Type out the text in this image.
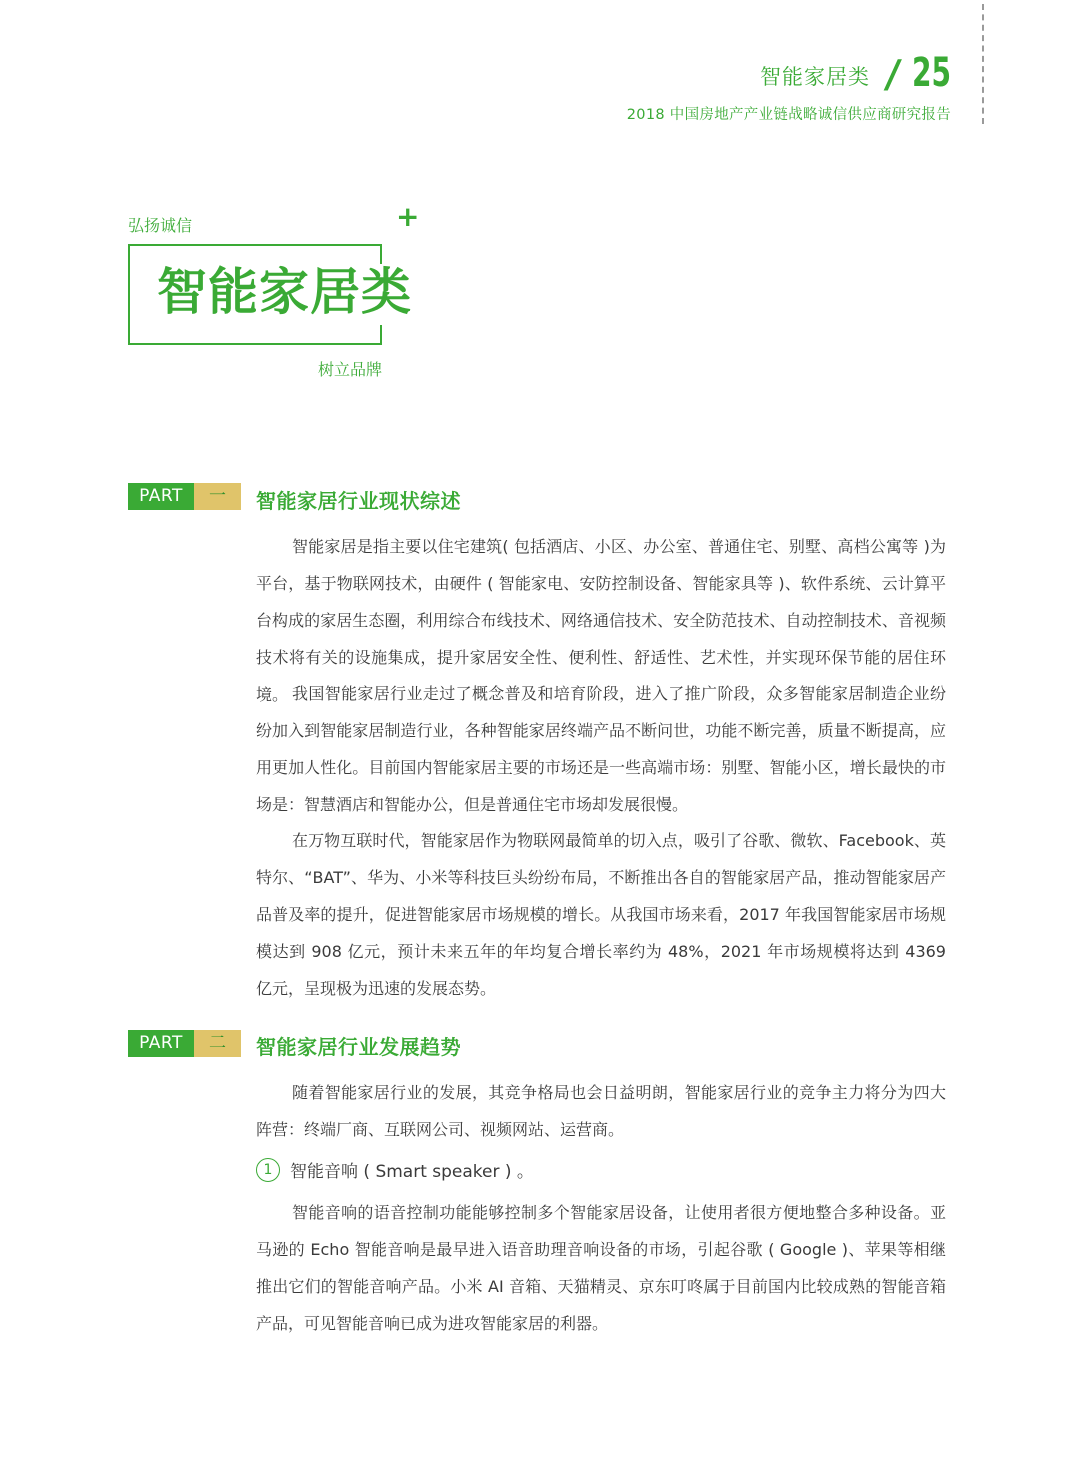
智能家居类 / 25
2018 中国房地产产业链战略诚信供应商研究报告
弘扬诚信	+
智能家居类
树立品牌
PART	一	智能家居行业现状综述

智能家居是指主要以住宅建筑( 包括酒店、小区、办公室、普通住宅、别墅、高档公寓等 )为平台，基于物联网技术，由硬件 ( 智能家电、安防控制设备、智能家具等 )、软件系统、云计算平台构成的家居生态圈，利用综合布线技术、网络通信技术、安全防范技术、自动控制技术、音视频技术将有关的设施集成，提升家居安全性、便利性、舒适性、艺术性，并实现环保节能的居住环境。 我国智能家居行业走过了概念普及和培育阶段，进入了推广阶段，众多智能家居制造企业纷纷加入到智能家居制造行业，各种智能家居终端产品不断问世，功能不断完善，质量不断提高，应用更加人性化。目前国内智能家居主要的市场还是一些高端市场：别墅、智能小区，增长最快的市场是：智慧酒店和智能办公，但是普通住宅市场却发展很慢。

在万物互联时代，智能家居作为物联网最简单的切入点，吸引了谷歌、微软、Facebook、英特尔、“BAT”、华为、小米等科技巨头纷纷布局，不断推出各自的智能家居产品，推动智能家居产品普及率的提升，促进智能家居市场规模的增长。从我国市场来看，2017 年我国智能家居市场规模达到 908 亿元，预计未来五年的年均复合增长率约为 48%，2021 年市场规模将达到 4369 亿元，呈现极为迅速的发展态势。

PART	二	智能家居行业发展趋势

随着智能家居行业的发展，其竞争格局也会日益明朗，智能家居行业的竞争主力将分为四大阵营：终端厂商、互联网公司、视频网站、运营商。

1	智能音响 ( Smart speaker ) 。

智能音响的语音控制功能能够控制多个智能家居设备，让使用者很方便地整合多种设备。亚马逊的 Echo 智能音响是最早进入语音助理音响设备的市场，引起谷歌 ( Google )、苹果等相继推出它们的智能音响产品。小米 AI 音箱、天猫精灵、京东叮咚属于目前国内比较成熟的智能音箱产品，可见智能音响已成为进攻智能家居的利器。
